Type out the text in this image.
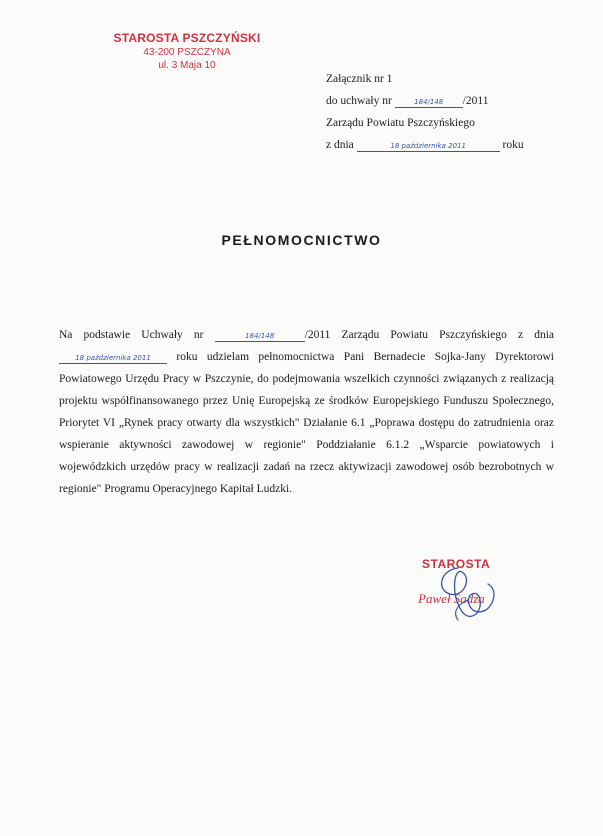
STAROSTA PSZCZYŃSKI
43-200 PSZCZYNA
ul. 3 Maja 10
Załącznik nr 1
do uchwały nr	184/148 /2011
Zarządu Powiatu Pszczyńskiego
z dnia	18 października 2011	roku
PEŁNOMOCNICTWO
Na podstawie Uchwały nr	184/148	/2011 Zarządu Powiatu Pszczyńskiego z dnia 18 października 2011 roku udzielam pełnomocnictwa Pani Bernadecie Sojka-Jany Dyrektorowi Powiatowego Urzędu Pracy w Pszczynie, do podejmowania wszelkich czynności związanych z realizacją projektu współfinansowanego przez Unię Europejską ze środków Europejskiego Funduszu Społecznego, Priorytet VI „Rynek pracy otwarty dla wszystkich" Działanie 6.1 „Poprawa dostępu do zatrudnienia oraz wspieranie aktywności zawodowej w regionie" Poddziałanie 6.1.2 „Wsparcie powiatowych i wojewódzkich urzędów pracy w realizacji zadań na rzecz aktywizacji zawodowej osób bezrobotnych w regionie" Programu Operacyjnego Kapitał Ludzki.
STAROSTA
Paweł Sadza
